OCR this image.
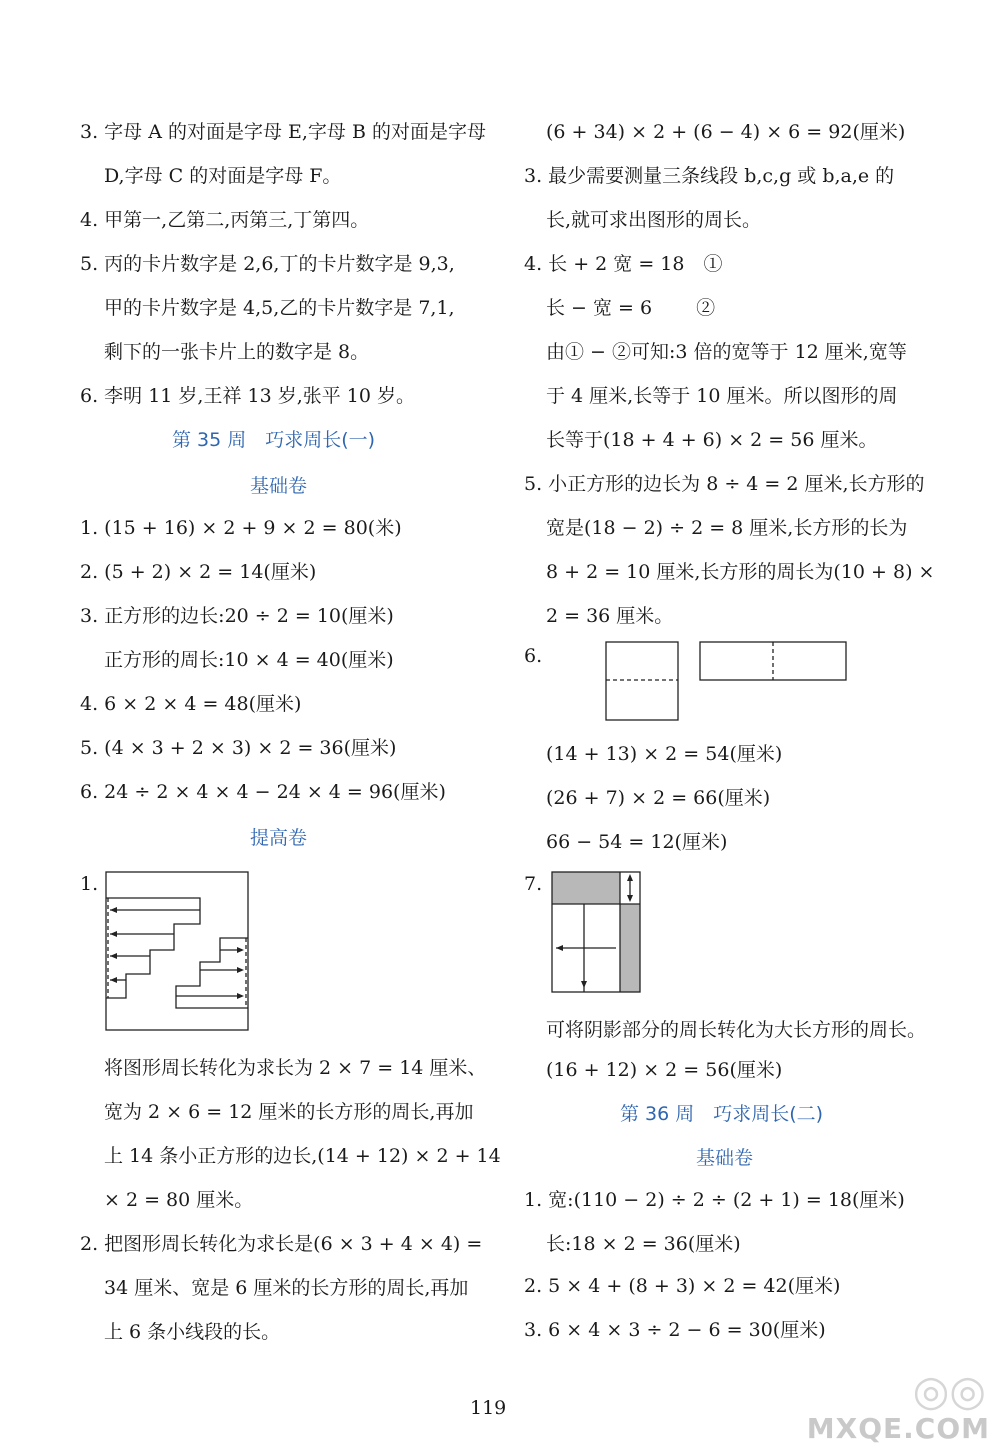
3. 字母 A 的对面是字母 E,字母 B 的对面是字母
D,字母 C 的对面是字母 F。
4. 甲第一,乙第二,丙第三,丁第四。
5. 丙的卡片数字是 2,6,丁的卡片数字是 9,3,
甲的卡片数字是 4,5,乙的卡片数字是 7,1,
剩下的一张卡片上的数字是 8。
6. 李明 11 岁,王祥 13 岁,张平 10 岁。
第 35 周　巧求周长(一)
基础卷
1. (15 + 16) × 2 + 9 × 2 = 80(米)
2. (5 + 2) × 2 = 14(厘米)
3. 正方形的边长:20 ÷ 2 = 10(厘米)
正方形的周长:10 × 4 = 40(厘米)
4. 6 × 2 × 4 = 48(厘米)
5. (4 × 3 + 2 × 3) × 2 = 36(厘米)
6. 24 ÷ 2 × 4 × 4 − 24 × 4 = 96(厘米)
提高卷
1.
将图形周长转化为求长为 2 × 7 = 14 厘米、
宽为 2 × 6 = 12 厘米的长方形的周长,再加
上 14 条小正方形的边长,(14 + 12) × 2 + 14
× 2 = 80 厘米。
2. 把图形周长转化为求长是(6 × 3 + 4 × 4) =
34 厘米、宽是 6 厘米的长方形的周长,再加
上 6 条小线段的长。
(6 + 34) × 2 + (6 − 4) × 6 = 92(厘米)
3. 最少需要测量三条线段 b,c,g 或 b,a,e 的
长,就可求出图形的周长。
4. 长 + 2 宽 = 18　①
长 − 宽 = 6　　 ②
由① − ②可知:3 倍的宽等于 12 厘米,宽等
于 4 厘米,长等于 10 厘米。所以图形的周
长等于(18 + 4 + 6) × 2 = 56 厘米。
5. 小正方形的边长为 8 ÷ 4 = 2 厘米,长方形的
宽是(18 − 2) ÷ 2 = 8 厘米,长方形的长为
8 + 2 = 10 厘米,长方形的周长为(10 + 8) ×
2 = 36 厘米。
6.
(14 + 13) × 2 = 54(厘米)
(26 + 7) × 2 = 66(厘米)
66 − 54 = 12(厘米)
7.
可将阴影部分的周长转化为大长方形的周长。
(16 + 12) × 2 = 56(厘米)
第 36 周　巧求周长(二)
基础卷
1. 宽:(110 − 2) ÷ 2 ÷ (2 + 1) = 18(厘米)
长:18 × 2 = 36(厘米)
2. 5 × 4 + (8 + 3) × 2 = 42(厘米)
3. 6 × 4 × 3 ÷ 2 − 6 = 30(厘米)
119	◎◎
MXQE.COM
